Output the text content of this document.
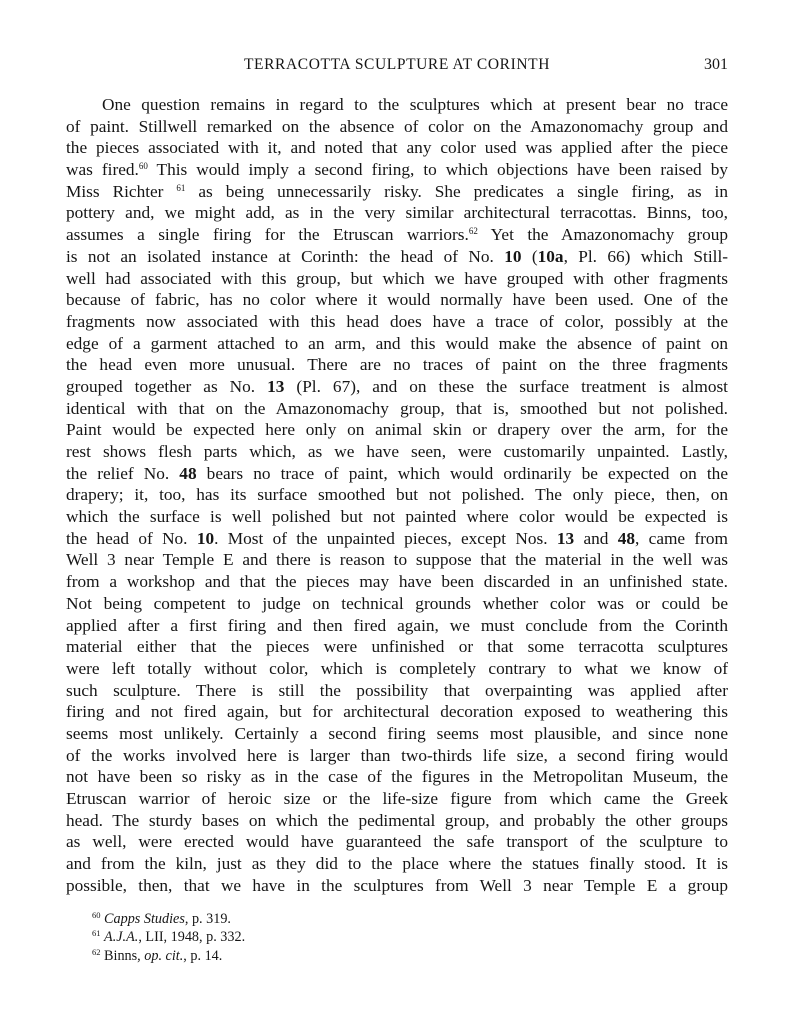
TERRACOTTA SCULPTURE AT CORINTH	301
One question remains in regard to the sculptures which at present bear no trace
of paint. Stillwell remarked on the absence of color on the Amazonomachy group and
the pieces associated with it, and noted that any color used was applied after the piece
was fired.$^{60}$ This would imply a second firing, to which objections have been raised by
Miss Richter $^{61}$ as being unnecessarily risky. She predicates a single firing, as in
pottery and, we might add, as in the very similar architectural terracottas. Binns, too,
assumes a single firing for the Etruscan warriors.$^{62}$ Yet the Amazonomachy group
is not an isolated instance at Corinth: the head of No. 10 (10a, Pl. 66) which Still-
well had associated with this group, but which we have grouped with other fragments
because of fabric, has no color where it would normally have been used. One of the
fragments now associated with this head does have a trace of color, possibly at the
edge of a garment attached to an arm, and this would make the absence of paint on
the head even more unusual. There are no traces of paint on the three fragments
grouped together as No. 13 (Pl. 67), and on these the surface treatment is almost
identical with that on the Amazonomachy group, that is, smoothed but not polished.
Paint would be expected here only on animal skin or drapery over the arm, for the
rest shows flesh parts which, as we have seen, were customarily unpainted. Lastly,
the relief No. 48 bears no trace of paint, which would ordinarily be expected on the
drapery; it, too, has its surface smoothed but not polished. The only piece, then, on
which the surface is well polished but not painted where color would be expected is
the head of No. 10. Most of the unpainted pieces, except Nos. 13 and 48, came from
Well 3 near Temple E and there is reason to suppose that the material in the well was
from a workshop and that the pieces may have been discarded in an unfinished state.
Not being competent to judge on technical grounds whether color was or could be
applied after a first firing and then fired again, we must conclude from the Corinth
material either that the pieces were unfinished or that some terracotta sculptures
were left totally without color, which is completely contrary to what we know of
such sculpture. There is still the possibility that overpainting was applied after
firing and not fired again, but for architectural decoration exposed to weathering this
seems most unlikely. Certainly a second firing seems most plausible, and since none
of the works involved here is larger than two-thirds life size, a second firing would
not have been so risky as in the case of the figures in the Metropolitan Museum, the
Etruscan warrior of heroic size or the life-size figure from which came the Greek
head. The sturdy bases on which the pedimental group, and probably the other groups
as well, were erected would have guaranteed the safe transport of the sculpture to
and from the kiln, just as they did to the place where the statues finally stood. It is
possible, then, that we have in the sculptures from Well 3 near Temple E a group
$^{60}$ Capps Studies, p. 319.
$^{61}$ A.J.A., LII, 1948, p. 332.
$^{62}$ Binns, op. cit., p. 14.
